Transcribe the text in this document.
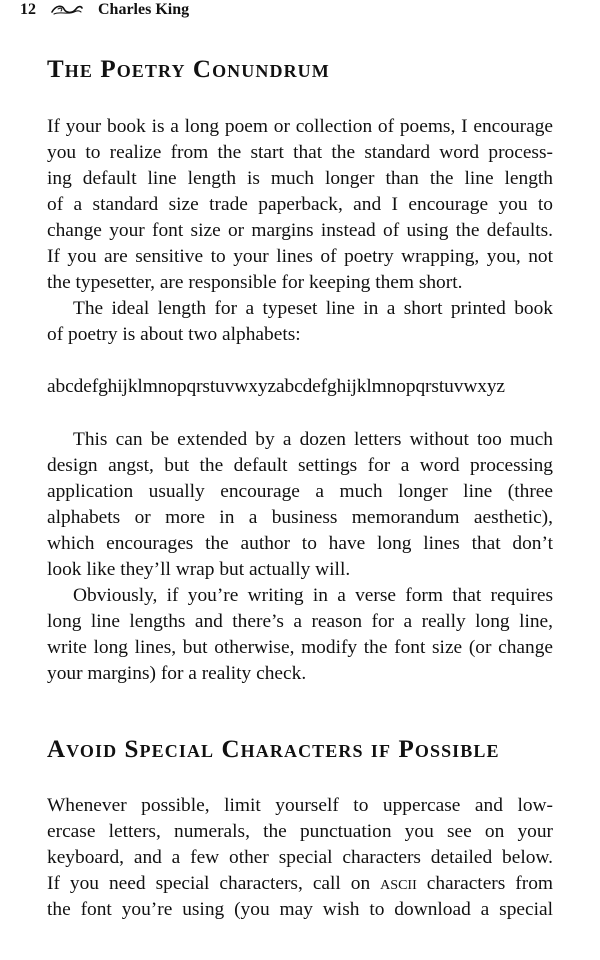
12	Charles King
The Poetry Conundrum
If your book is a long poem or collection of poems, I encourage
you to realize from the start that the standard word process-
ing default line length is much longer than the line length
of a standard size trade paperback, and I encourage you to
change your font size or margins instead of using the defaults.
If you are sensitive to your lines of poetry wrapping, you, not
the typesetter, are responsible for keeping them short.
The ideal length for a typeset line in a short printed book
of poetry is about two alphabets:
abcdefghijklmnopqrstuvwxyzabcdefghijklmnopqrstuvwxyz
This can be extended by a dozen letters without too much
design angst, but the default settings for a word processing
application usually encourage a much longer line (three
alphabets or more in a business memorandum aesthetic),
which encourages the author to have long lines that don’t
look like they’ll wrap but actually will.
Obviously, if you’re writing in a verse form that requires
long line lengths and there’s a reason for a really long line,
write long lines, but otherwise, modify the font size (or change
your margins) for a reality check.
Avoid Special Characters if Possible
Whenever possible, limit yourself to uppercase and low-
ercase letters, numerals, the punctuation you see on your
keyboard, and a few other special characters detailed below.
If you need special characters, call on ascii characters from
the font you’re using (you may wish to download a special
